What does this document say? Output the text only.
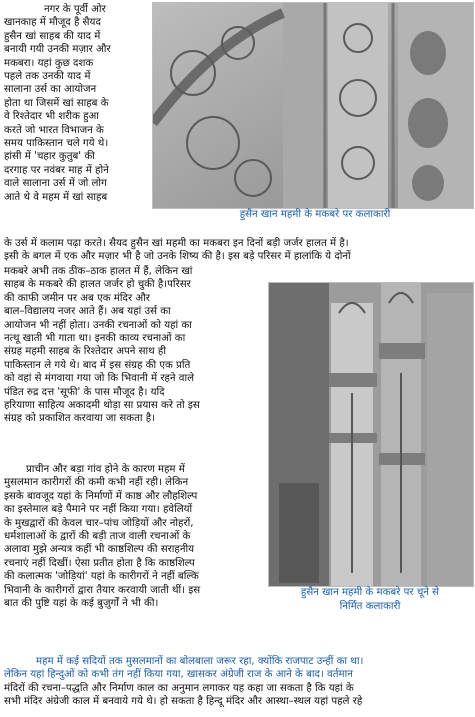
नगर के पूर्वी ओर
खानकाह में मौजूद है सैयद
हुसैन खां साहब की याद में
बनायी गयी उनकी मज़ार और
मकबरा। यहां कुछ दशक
पहले तक उनकी याद में
सालाना उर्स का आयोजन
होता था जिसमें खां साहब के
वे रिश्तेदार भी शरीक हुआ
करते जो भारत विभाजन के
समय पाकिस्तान चले गये थे।
हांसी में 'चहार कुतुब' की
दरगाह पर नवंबर माह में होने
वाले सालाना उर्स में जो लोग
आते थे वे महम में खां साहब
हुसैन खान महमी के मकबरे पर कलाकारी
के उर्स में कलाम पढ़ा करते। सैयद हुसैन खां महमी का मकबरा इन दिनों बड़ी जर्जर हालत में है।
इसी के बगल में एक और मज़ार भी है जो उनके शिष्य की है। इस बड़े परिसर में हालांकि ये दोनों
मकबरे अभी तक ठीक–ठाक हालत में हैं, लेकिन खां
साहब के मकबरे की हालत जर्जर हो चुकी है।परिसर
की काफी जमीन पर अब एक मंदिर और
बाल–विद्यालय नजर आते हैं। अब यहां उर्स का
आयोजन भी नहीं होता। उनकी रचनाओं को यहां का
नत्थू खाती भी गाता था। इनकी काव्य रचनाओं का
संग्रह महमी साहब के रिश्तेदार अपने साथ ही
पाकिस्तान ले गये थे। बाद में इस संग्रह की एक प्रति
को वहां से मंगवाया गया जो कि भिवानी में रहने वाले
पंडित रुद्र दत्त 'सूफी' के पास मौजूद है। यदि
हरियाणा साहित्य अकादमी थोड़ा सा प्रयास करे तो इस
संग्रह को प्रकाशित करवाया जा सकता है।
प्राचीन और बड़ा गांव होने के कारण महम में
मुसलमान कारीगरों की कमी कभी नहीं रही। लेकिन
इसके बावजूद यहां के निर्माणों में काष्ठ और लौहशिल्प
का इस्तेमाल बड़े पैमाने पर नहीं किया गया। हवेलियों
के मुखद्वारों की केवल चार–पांच जोड़ियों और नोहरों,
धर्मशालाओं के द्वारों की बड़ी ताज वाली रचनाओं के
अलावा मुझे अन्यत्र कहीं भी काष्ठशिल्प की सराहनीय
रचनाएं नहीं दिखीं। ऐसा प्रतीत होता है कि काष्ठशिल्प
की कलात्मक 'जोड़ियां' यहां के कारीगरों ने नहीं बल्कि
भिवानी के कारीगरों द्वारा तैयार करवायी जाती थीं। इस
बात की पुष्टि यहां के कई बुज़ुर्गों ने भी की।
हुसैन खान महमी के मकबरे पर चूने से
निर्मित कलाकारी
महम में कई सदियों तक मुसलमानों का बोलबाला जरूर रहा, क्योंकि राजपाट उन्हीं का था।
लेकिन यहां हिन्दुओं को कभी तंग नहीं किया गया, खासकर अंग्रेजी राज के आने के बाद। वर्तमान
मंदिरों की रचना–पद्धति और निर्माण काल का अनुमान लगाकर यह कहा जा सकता है कि यहां के
सभी मंदिर अंग्रेजी काल में बनवाये गये थे। हो सकता है हिन्दू मंदिर और आस्था–स्थल यहां पहले रहे
